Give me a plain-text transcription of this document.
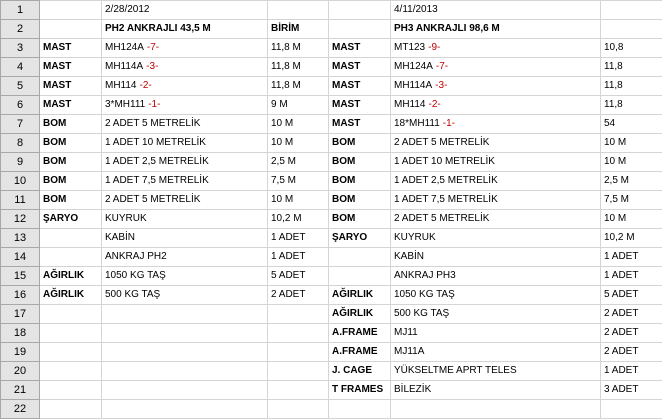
1		2/28/2012			4/11/2013	
2		PH2 ANKRAJLI 43,5 M	BİRİM		PH3 ANKRAJLI 98,6 M	
3	MAST	MH124A -7-	11,8 M	MAST	MT123 -9-	10,8
4	MAST	MH114A -3-	11,8 M	MAST	MH124A -7-	11,8
5	MAST	MH114 -2-	11,8 M	MAST	MH114A -3-	11,8
6	MAST	3*MH111 -1-	9 M	MAST	MH114 -2-	11,8
7	BOM	2 ADET 5 METRELİK	10 M	MAST	18*MH111 -1-	54
8	BOM	1 ADET 10 METRELİK	10 M	BOM	2 ADET 5 METRELİK	10 M
9	BOM	1 ADET 2,5 METRELİK	2,5 M	BOM	1 ADET 10 METRELİK	10 M
10	BOM	1 ADET 7,5 METRELİK	7,5 M	BOM	1 ADET 2,5 METRELİK	2,5 M
11	BOM	2 ADET 5 METRELİK	10 M	BOM	1 ADET 7,5 METRELİK	7,5 M
12	ŞARYO	KUYRUK	10,2 M	BOM	2 ADET 5 METRELİK	10 M
13		KABİN	1 ADET	ŞARYO	KUYRUK	10,2 M
14		ANKRAJ PH2	1 ADET		KABİN	1 ADET
15	AĞIRLIK	1050 KG TAŞ	5 ADET		ANKRAJ PH3	1 ADET
16	AĞIRLIK	500 KG TAŞ	2 ADET	AĞIRLIK	1050 KG TAŞ	5 ADET
17				AĞIRLIK	500 KG TAŞ	2 ADET
18				A.FRAME	MJ11	2 ADET
19				A.FRAME	MJ11A	2 ADET
20				J. CAGE	YÜKSELTME APRT TELES	1 ADET
21				T FRAMES	BİLEZİK	3 ADET
22						
